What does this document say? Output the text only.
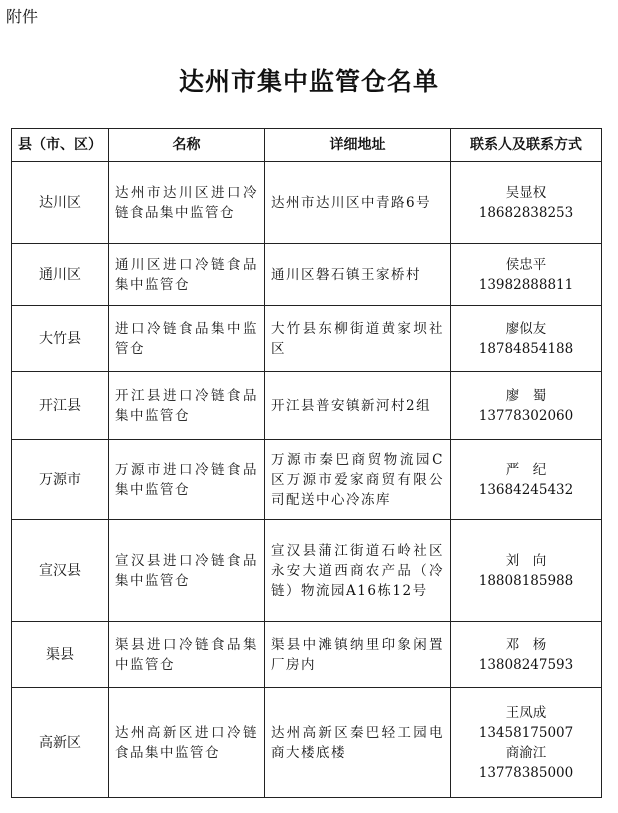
附件
达州市集中监管仓名单
县（市、区）	名称	详细地址	联系人及联系方式
达川区	达州市达川区进口冷链食品集中监管仓	达州市达川区中青路6号	吴显权
18682838253

通川区	通川区进口冷链食品集中监管仓	通川区磐石镇王家桥村	侯忠平
13982888811

大竹县	进口冷链食品集中监管仓	大竹县东柳街道黄家坝社区	廖似友
18784854188

开江县	开江县进口冷链食品集中监管仓	开江县普安镇新河村2组	廖　蜀
13778302060

万源市	万源市进口冷链食品集中监管仓	万源市秦巴商贸物流园C区万源市爱家商贸有限公司配送中心冷冻库	严　纪
13684245432

宣汉县	宣汉县进口冷链食品集中监管仓	宣汉县蒲江街道石岭社区永安大道西商农产品（冷链）物流园A16栋12号	刘　向
18808185988

渠县	渠县进口冷链食品集中监管仓	渠县中滩镇纳里印象闲置厂房内	邓　杨
13808247593

高新区	达州高新区进口冷链食品集中监管仓	达州高新区秦巴轻工园电商大楼底楼	王凤成
13458175007
商渝江
13778385000
